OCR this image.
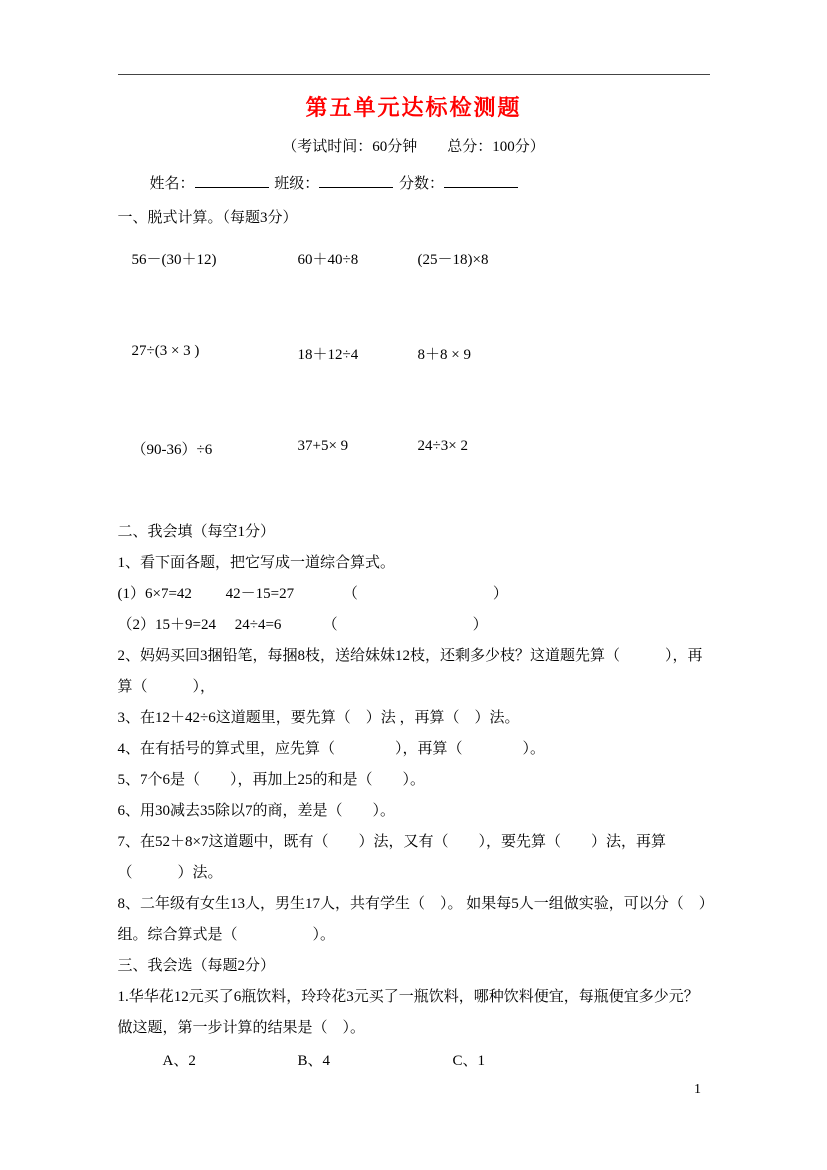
第五单元达标检测题
（考试时间：60分钟　　总分：100分）
姓名：	班级：	分数：
一、脱式计算。（每题3分）
56－(30＋12)	60＋40÷8	(25－18)×8
27÷(3 × 3 )	18＋12÷4	8＋8 × 9
（90-36）÷6	37+5× 9	24÷3× 2
二、我会填（每空1分）

1、看下面各题，把它写成一道综合算式。

(1）6×7=42　　 42－15=27　　　 （　　　　　　　　　）

（2）15＋9=24　 24÷4=6　　 　（　　　　　　　　　）

2、妈妈买回3捆铅笔，每捆8枝，送给妹妹12枝，还剩多少枝？这道题先算（　　　），再算（　　　），

3、在12＋42÷6这道题里，要先算（　）法 ，再算（　）法。

4、在有括号的算式里，应先算（　　　　），再算（　　　　）。

5、7个6是（　　），再加上25的和是（　　）。

6、用30减去35除以7的商，差是（　　）。

7、在52＋8×7这道题中，既有（　　）法，又有（　　），要先算（　　）法，再算（　　　）法。

8、二年级有女生13人，男生17人，共有学生（　）。 如果每5人一组做实验，可以分（　）组。综合算式是（　　　　　）。

三、我会选（每题2分）

1.华华花12元买了6瓶饮料，玲玲花3元买了一瓶饮料，哪种饮料便宜，每瓶便宜多少元？

做这题，第一步计算的结果是（　）。

A、2	B、4	C、1
1
